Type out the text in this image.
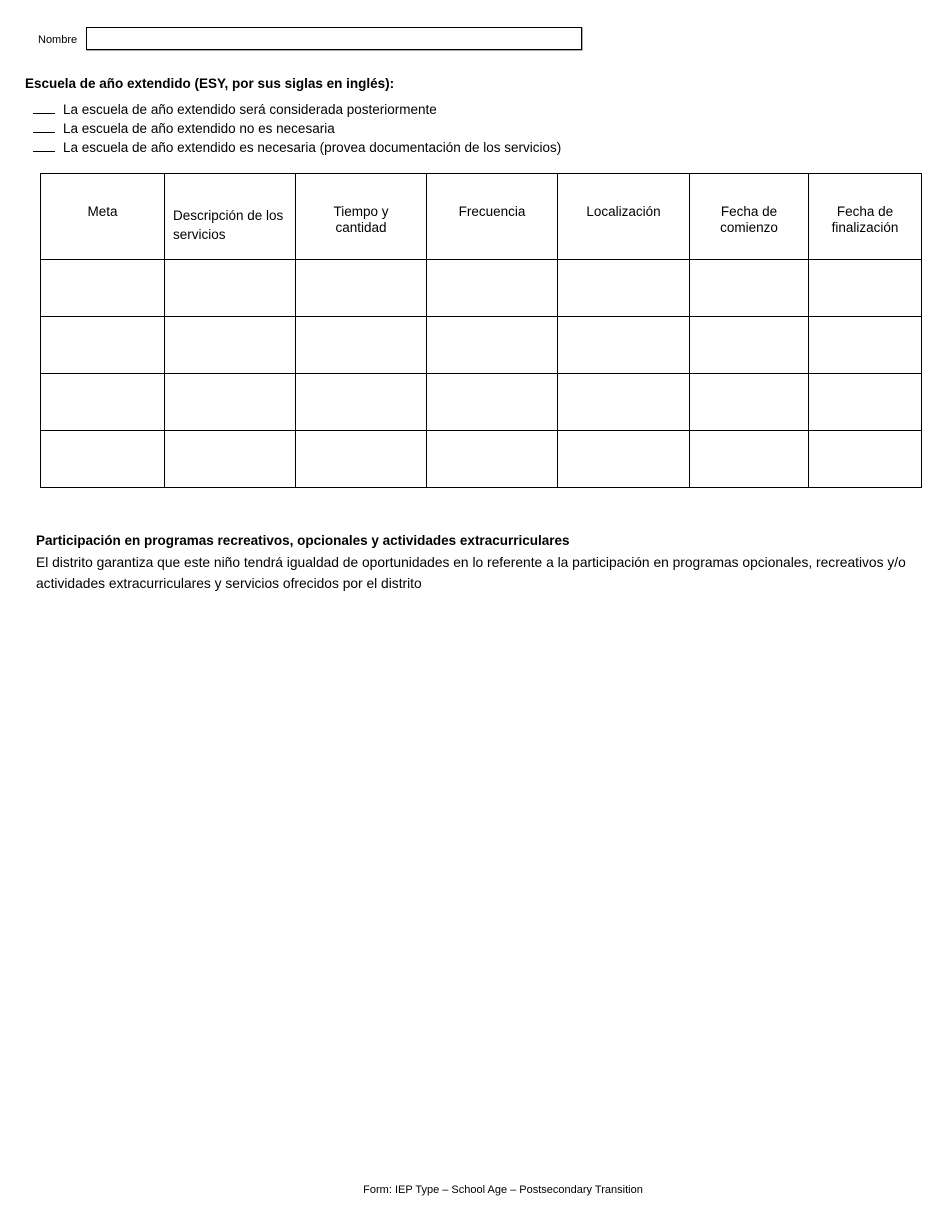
Nombre
Escuela de año extendido (ESY, por sus siglas en inglés):
La escuela de año extendido será considerada posteriormente
La escuela de año extendido no es necesaria
La escuela de año extendido es necesaria (provea documentación de los servicios)
Meta	Descripción de los servicios	Tiempo y cantidad	Frecuencia	Localización	Fecha de comienzo	Fecha de finalización

Participación en programas recreativos, opcionales y actividades extracurriculares
El distrito garantiza que este niño tendrá igualdad de oportunidades en lo referente a la participación en programas opcionales, recreativos y/o actividades extracurriculares y servicios ofrecidos por el distrito
Form: IEP Type – School Age – Postsecondary Transition
